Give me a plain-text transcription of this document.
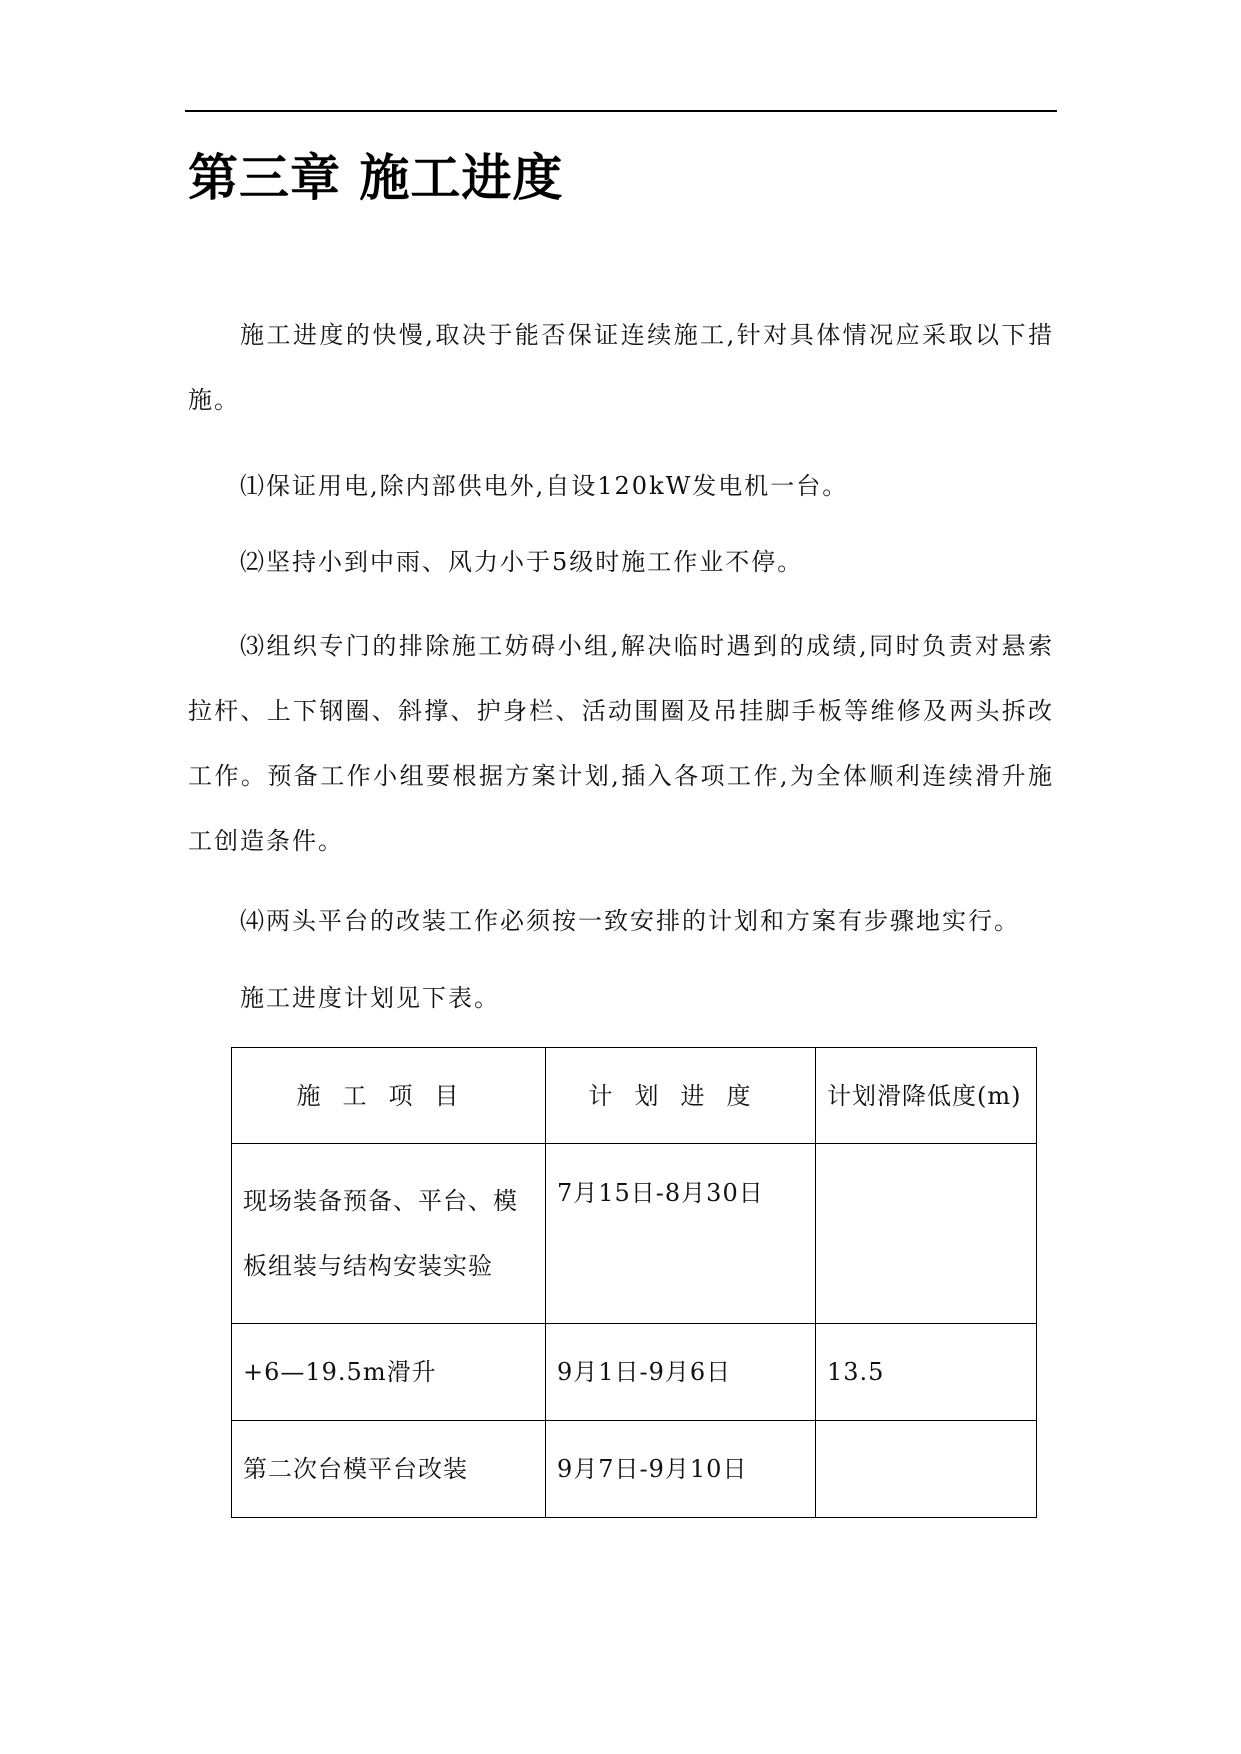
第三章 施工进度

施工进度的快慢,取决于能否保证连续施工,针对具体情况应采取以下措施。

⑴保证用电,除内部供电外,自设120kW发电机一台。

⑵坚持小到中雨、风力小于5级时施工作业不停。

⑶组织专门的排除施工妨碍小组,解决临时遇到的成绩,同时负责对悬索拉杆、上下钢圈、斜撑、护身栏、活动围圈及吊挂脚手板等维修及两头拆改工作。预备工作小组要根据方案计划,插入各项工作,为全体顺利连续滑升施工创造条件。

⑷两头平台的改装工作必须按一致安排的计划和方案有步骤地实行。

施工进度计划见下表。

施工项目	计划进度	计划滑降低度(m)
现场装备预备、平台、模板组装与结构安装实验	7月15日-8月30日	
+6—19.5m滑升	9月1日-9月6日	13.5
第二次台模平台改装	9月7日-9月10日	
